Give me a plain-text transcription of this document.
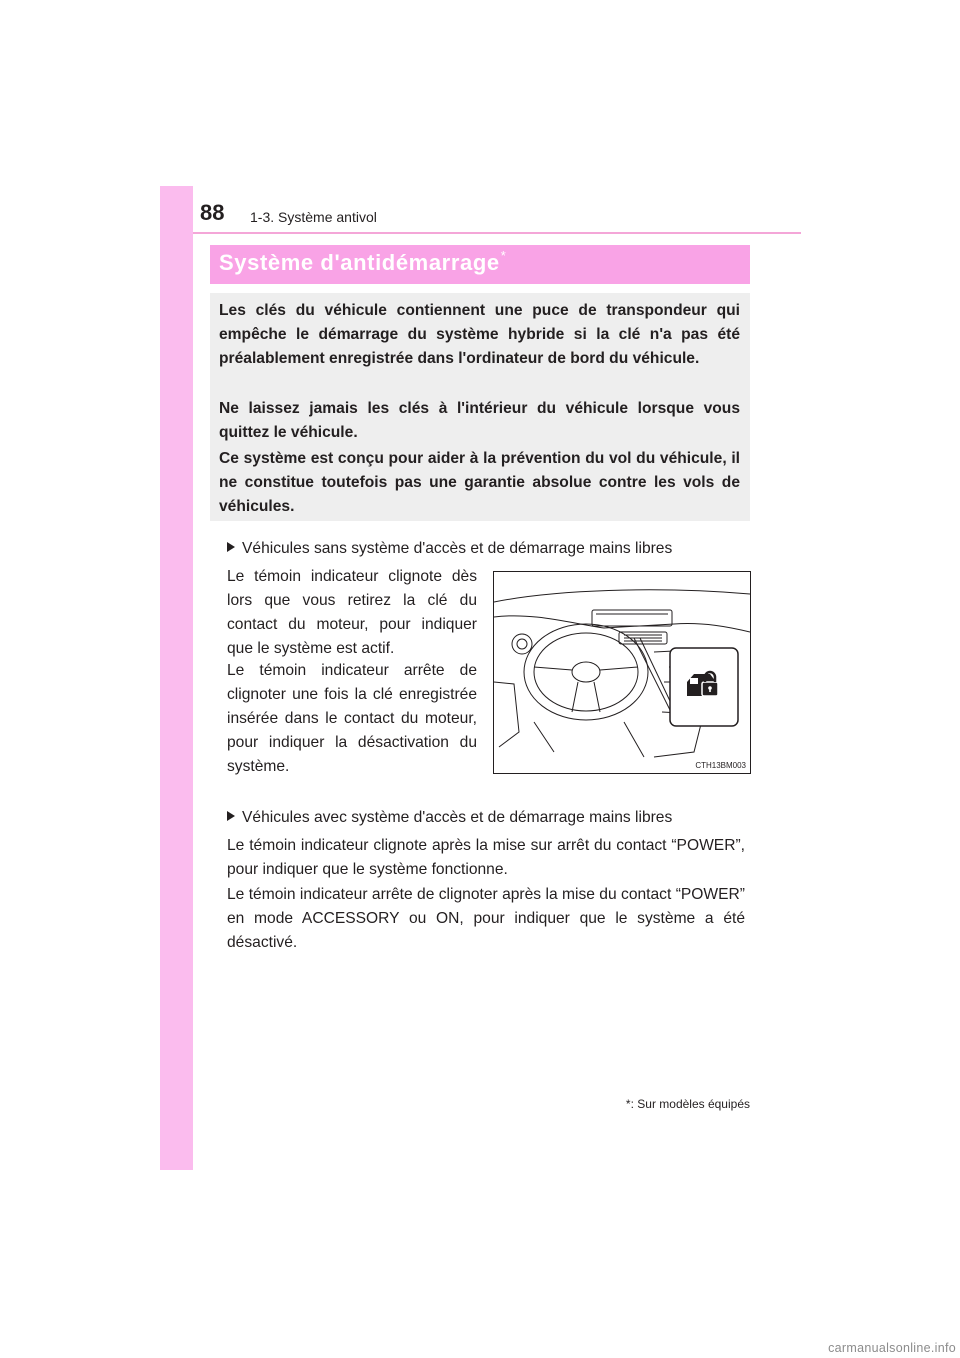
88 1-3. Système antivol
Système d'antidémarrage*

Les clés du véhicule contiennent une puce de transpondeur qui empêche le démarrage du système hybride si la clé n'a pas été préalablement enregistrée dans l'ordinateur de bord du véhicule.

Ne laissez jamais les clés à l'intérieur du véhicule lorsque vous quittez le véhicule.

Ce système est conçu pour aider à la prévention du vol du véhicule, il ne constitue toutefois pas une garantie absolue contre les vols de véhicules.

Véhicules sans système d'accès et de démarrage mains libres

Le témoin indicateur clignote dès lors que vous retirez la clé du contact du moteur, pour indiquer que le système est actif.

Le témoin indicateur arrête de clignoter une fois la clé enregistrée insérée dans le contact du moteur, pour indiquer la désactivation du système.	CTH13BM003
Véhicules avec système d'accès et de démarrage mains libres

Le témoin indicateur clignote après la mise sur arrêt du contact “POWER”, pour indiquer que le système fonctionne.

Le témoin indicateur arrête de clignoter après la mise du contact “POWER” en mode ACCESSORY ou ON, pour indiquer que le système a été désactivé.

*: Sur modèles équipés
carmanualsonline.info
